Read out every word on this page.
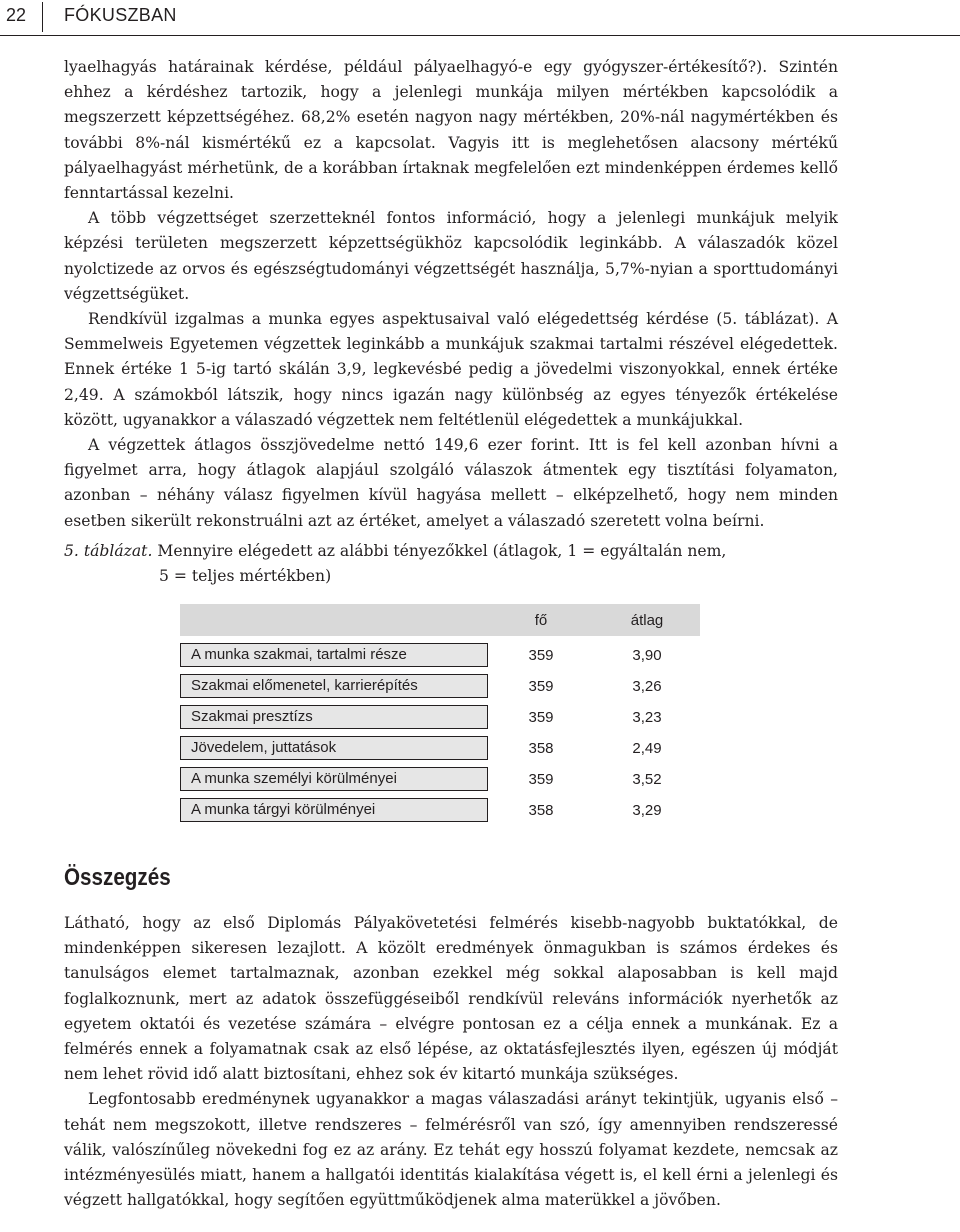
22 FÓKUSZBAN

lyaelhagyás határainak kérdése, például pályaelhagyó-e egy gyógyszer-értékesítő?). Szintén ehhez a kérdéshez tartozik, hogy a jelenlegi munkája milyen mértékben kapcsolódik a megszerzett képzettségéhez. 68,2% esetén nagyon nagy mértékben, 20%-nál nagymértékben és további 8%-nál kismértékű ez a kapcsolat. Vagyis itt is meglehetősen alacsony mértékű pályaelhagyást mérhetünk, de a korábban írtaknak megfelelően ezt mindenképpen érdemes kellő fenntartással kezelni.

A több végzettséget szerzetteknél fontos információ, hogy a jelenlegi munkájuk melyik képzési területen megszerzett képzettségükhöz kapcsolódik leginkább. A válaszadók közel nyolctizede az orvos és egészségtudományi végzettségét használja, 5,7%-nyian a sporttudományi végzettségüket.

Rendkívül izgalmas a munka egyes aspektusaival való elégedettség kérdése (5. táblázat). A Semmelweis Egyetemen végzettek leginkább a munkájuk szakmai tartalmi részével elégedettek. Ennek értéke 1 5-ig tartó skálán 3,9, legkevésbé pedig a jövedelmi viszonyokkal, ennek értéke 2,49. A számokból látszik, hogy nincs igazán nagy különbség az egyes tényezők értékelése között, ugyanakkor a válaszadó végzettek nem feltétlenül elégedettek a munkájukkal.

A végzettek átlagos összjövedelme nettó 149,6 ezer forint. Itt is fel kell azonban hívni a figyelmet arra, hogy átlagok alapjául szolgáló válaszok átmentek egy tisztítási folyamaton, azonban – néhány válasz figyelmen kívül hagyása mellett – elképzelhető, hogy nem minden esetben sikerült rekonstruálni azt az értéket, amelyet a válaszadó szeretett volna beírni.

5. táblázat. Mennyire elégedett az alábbi tényezőkkel (átlagok, 1 = egyáltalán nem,
5 = teljes mértékben)
fő	átlag
A munka szakmai, tartalmi része	359	3,90
Szakmai előmenetel, karrierépítés	359	3,26
Szakmai presztízs	359	3,23
Jövedelem, juttatások	358	2,49
A munka személyi körülményei	359	3,52
A munka tárgyi körülményei	358	3,29
Összegzés

Látható, hogy az első Diplomás Pályakövetetési felmérés kisebb-nagyobb buktatókkal, de mindenképpen sikeresen lezajlott. A közölt eredmények önmagukban is számos érdekes és tanulságos elemet tartalmaznak, azonban ezekkel még sokkal alaposabban is kell majd foglalkoznunk, mert az adatok összefüggéseiből rendkívül releváns információk nyerhetők az egyetem oktatói és vezetése számára – elvégre pontosan ez a célja ennek a munkának. Ez a felmérés ennek a folyamatnak csak az első lépése, az oktatásfejlesztés ilyen, egészen új módját nem lehet rövid idő alatt biztosítani, ehhez sok év kitartó munkája szükséges.

Legfontosabb eredménynek ugyanakkor a magas válaszadási arányt tekintjük, ugyanis első – tehát nem megszokott, illetve rendszeres – felmérésről van szó, így amennyiben rendszeressé válik, valószínűleg növekedni fog ez az arány. Ez tehát egy hosszú folyamat kezdete, nemcsak az intézményesülés miatt, hanem a hallgatói identitás kialakítása végett is, el kell érni a jelenlegi és végzett hallgatókkal, hogy segítően együttműködjenek alma materükkel a jövőben.
